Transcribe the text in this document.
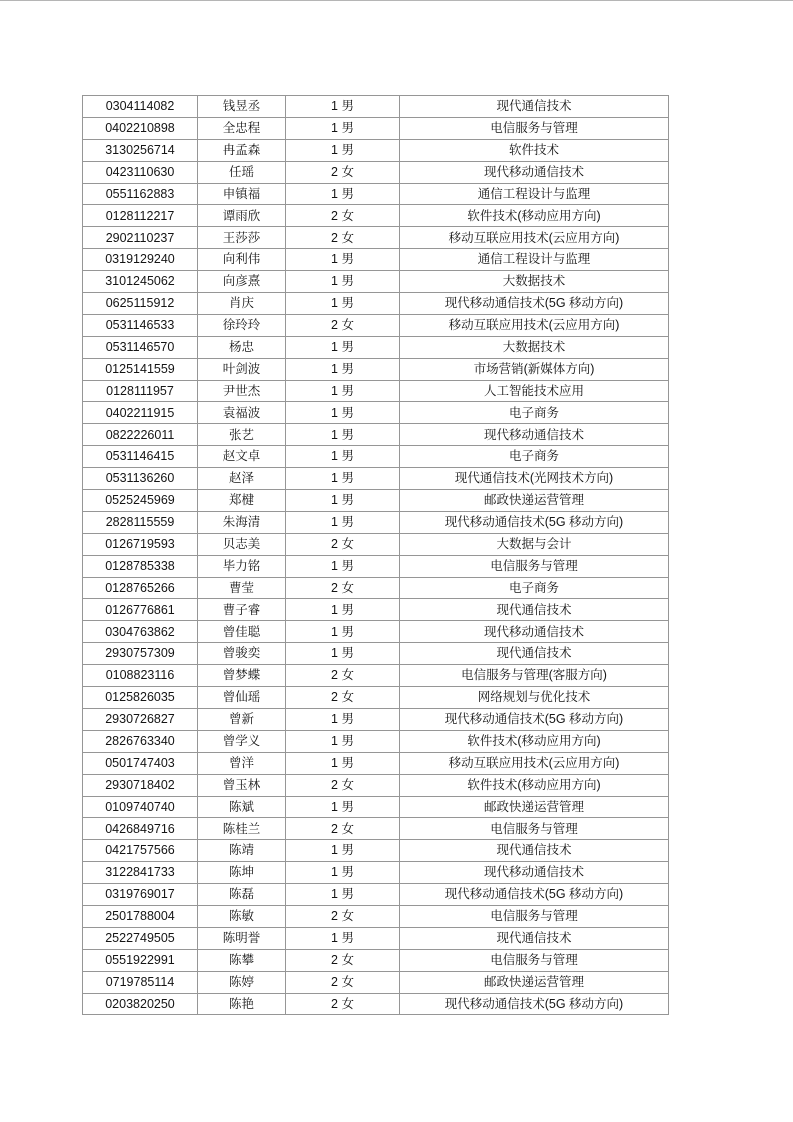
0304114082	钱昱丞	1 男	现代通信技术
0402210898	全忠程	1 男	电信服务与管理
3130256714	冉孟森	1 男	软件技术
0423110630	任瑶	2 女	现代移动通信技术
0551162883	申镇福	1 男	通信工程设计与监理
0128112217	谭雨欣	2 女	软件技术(移动应用方向)
2902110237	王莎莎	2 女	移动互联应用技术(云应用方向)
0319129240	向利伟	1 男	通信工程设计与监理
3101245062	向彦熹	1 男	大数据技术
0625115912	肖庆	1 男	现代移动通信技术(5G 移动方向)
0531146533	徐玲玲	2 女	移动互联应用技术(云应用方向)
0531146570	杨忠	1 男	大数据技术
0125141559	叶剑波	1 男	市场营销(新媒体方向)
0128111957	尹世杰	1 男	人工智能技术应用
0402211915	袁福波	1 男	电子商务
0822226011	张艺	1 男	现代移动通信技术
0531146415	赵文卓	1 男	电子商务
0531136260	赵泽	1 男	现代通信技术(光网技术方向)
0525245969	郑楗	1 男	邮政快递运营管理
2828115559	朱海清	1 男	现代移动通信技术(5G 移动方向)
0126719593	贝志美	2 女	大数据与会计
0128785338	毕力铭	1 男	电信服务与管理
0128765266	曹莹	2 女	电子商务
0126776861	曹子睿	1 男	现代通信技术
0304763862	曾佳聪	1 男	现代移动通信技术
2930757309	曾骏奕	1 男	现代通信技术
0108823116	曾梦蝶	2 女	电信服务与管理(客服方向)
0125826035	曾仙瑶	2 女	网络规划与优化技术
2930726827	曾新	1 男	现代移动通信技术(5G 移动方向)
2826763340	曾学义	1 男	软件技术(移动应用方向)
0501747403	曾洋	1 男	移动互联应用技术(云应用方向)
2930718402	曾玉林	2 女	软件技术(移动应用方向)
0109740740	陈斌	1 男	邮政快递运营管理
0426849716	陈桂兰	2 女	电信服务与管理
0421757566	陈靖	1 男	现代通信技术
3122841733	陈坤	1 男	现代移动通信技术
0319769017	陈磊	1 男	现代移动通信技术(5G 移动方向)
2501788004	陈敏	2 女	电信服务与管理
2522749505	陈明誉	1 男	现代通信技术
0551922991	陈攀	2 女	电信服务与管理
0719785114	陈婷	2 女	邮政快递运营管理
0203820250	陈艳	2 女	现代移动通信技术(5G 移动方向)
